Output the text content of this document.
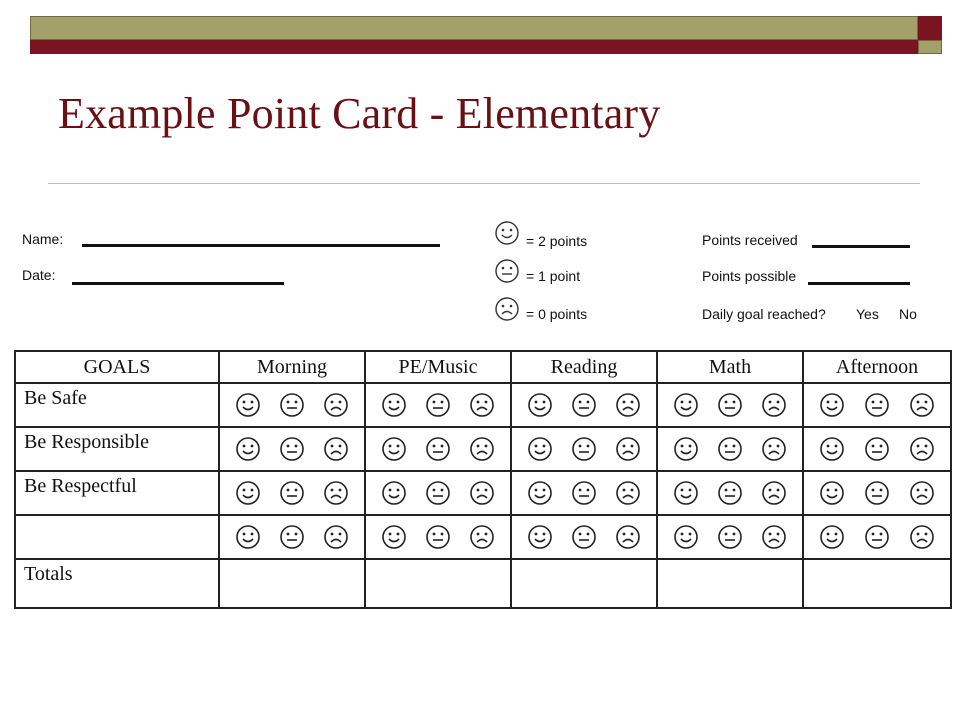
Example Point Card - Elementary
Name:
Date:
= 2 points
= 1 point
= 0 points
Points received
Points possible
Daily goal reached? Yes No
GOALS	Morning	PE/Music	Reading	Math	Afternoon
Be Safe	

Be Responsible	

Be Respectful	

Totals					
